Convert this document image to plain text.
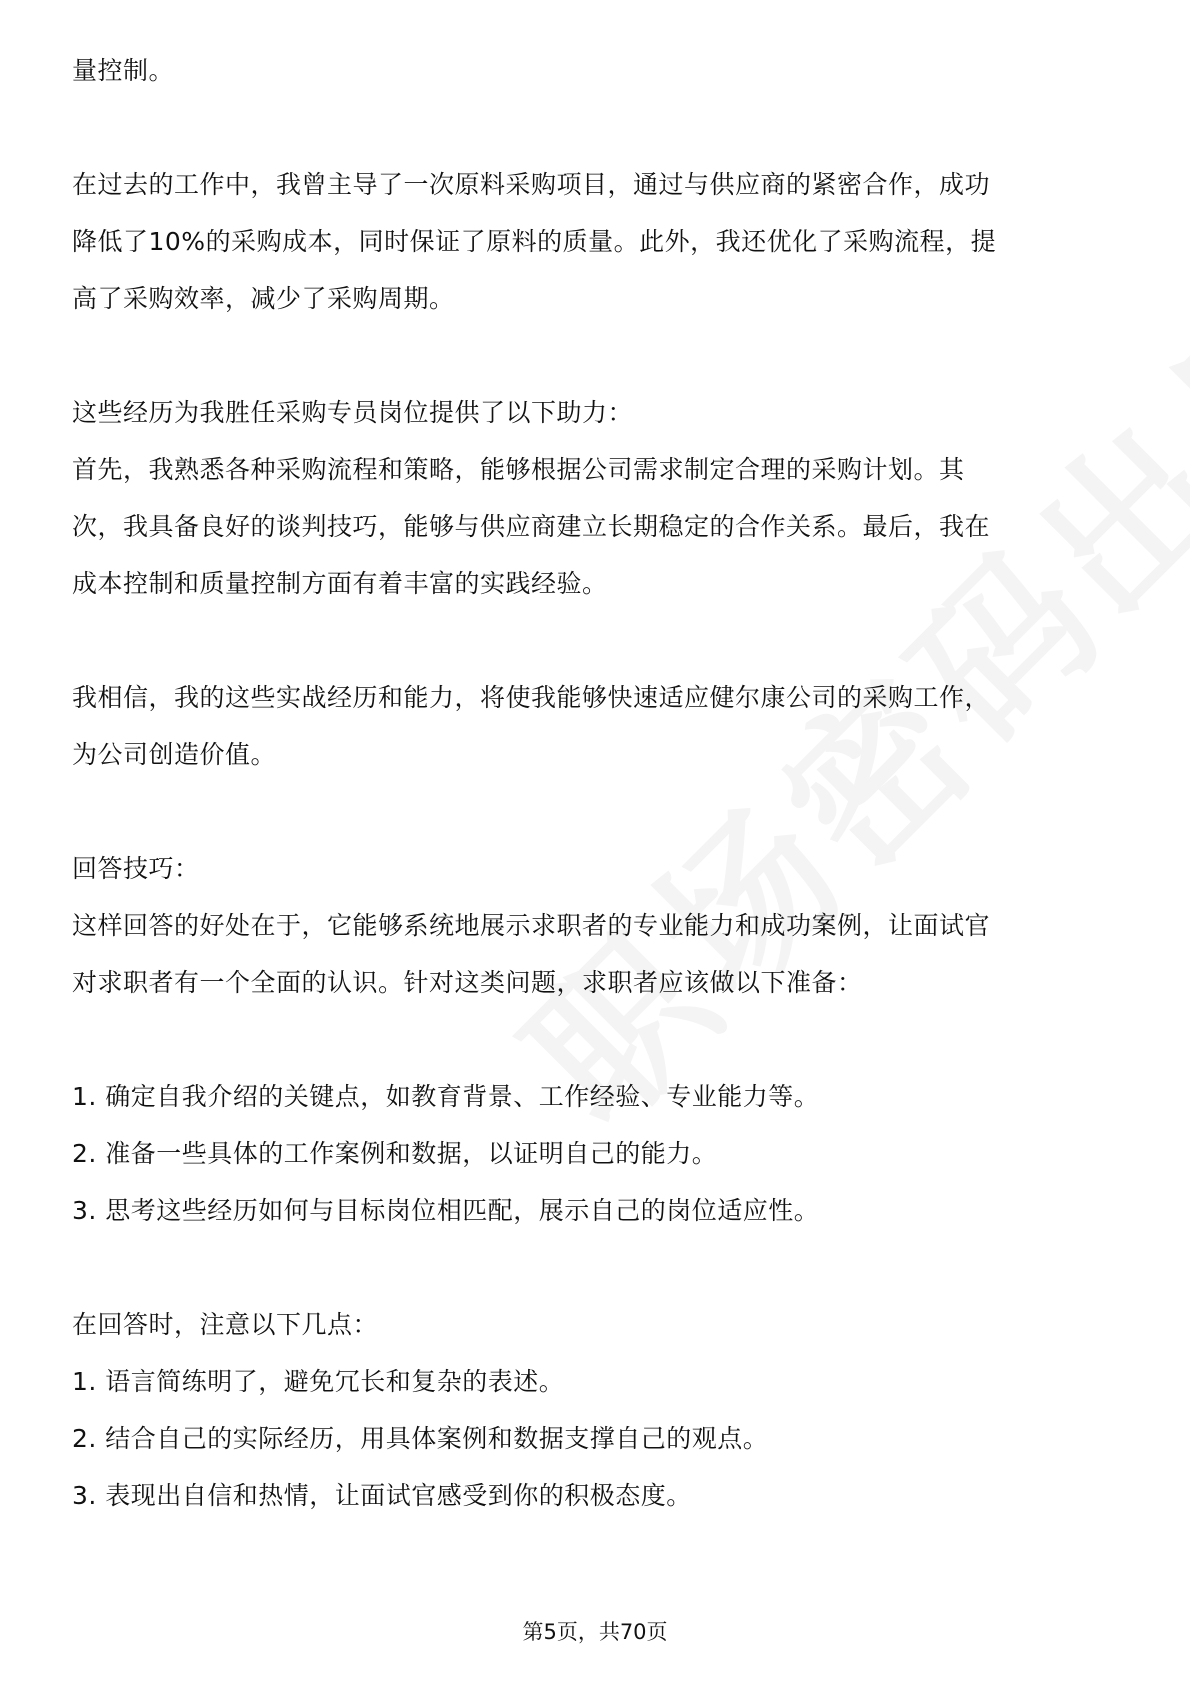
量控制。
在过去的工作中，我曾主导了一次原料采购项目，通过与供应商的紧密合作，成功
降低了10%的采购成本，同时保证了原料的质量。此外，我还优化了采购流程，提
高了采购效率，减少了采购周期。
这些经历为我胜任采购专员岗位提供了以下助力：
首先，我熟悉各种采购流程和策略，能够根据公司需求制定合理的采购计划。其
次，我具备良好的谈判技巧，能够与供应商建立长期稳定的合作关系。最后，我在
成本控制和质量控制方面有着丰富的实践经验。
我相信，我的这些实战经历和能力，将使我能够快速适应健尔康公司的采购工作，
为公司创造价值。
回答技巧：
这样回答的好处在于，它能够系统地展示求职者的专业能力和成功案例，让面试官
对求职者有一个全面的认识。针对这类问题，求职者应该做以下准备：
1. 确定自我介绍的关键点，如教育背景、工作经验、专业能力等。
2. 准备一些具体的工作案例和数据，以证明自己的能力。
3. 思考这些经历如何与目标岗位相匹配，展示自己的岗位适应性。
在回答时，注意以下几点：
1. 语言简练明了，避免冗长和复杂的表述。
2. 结合自己的实际经历，用具体案例和数据支撑自己的观点。
3. 表现出自信和热情，让面试官感受到你的积极态度。
第5页，共70页
